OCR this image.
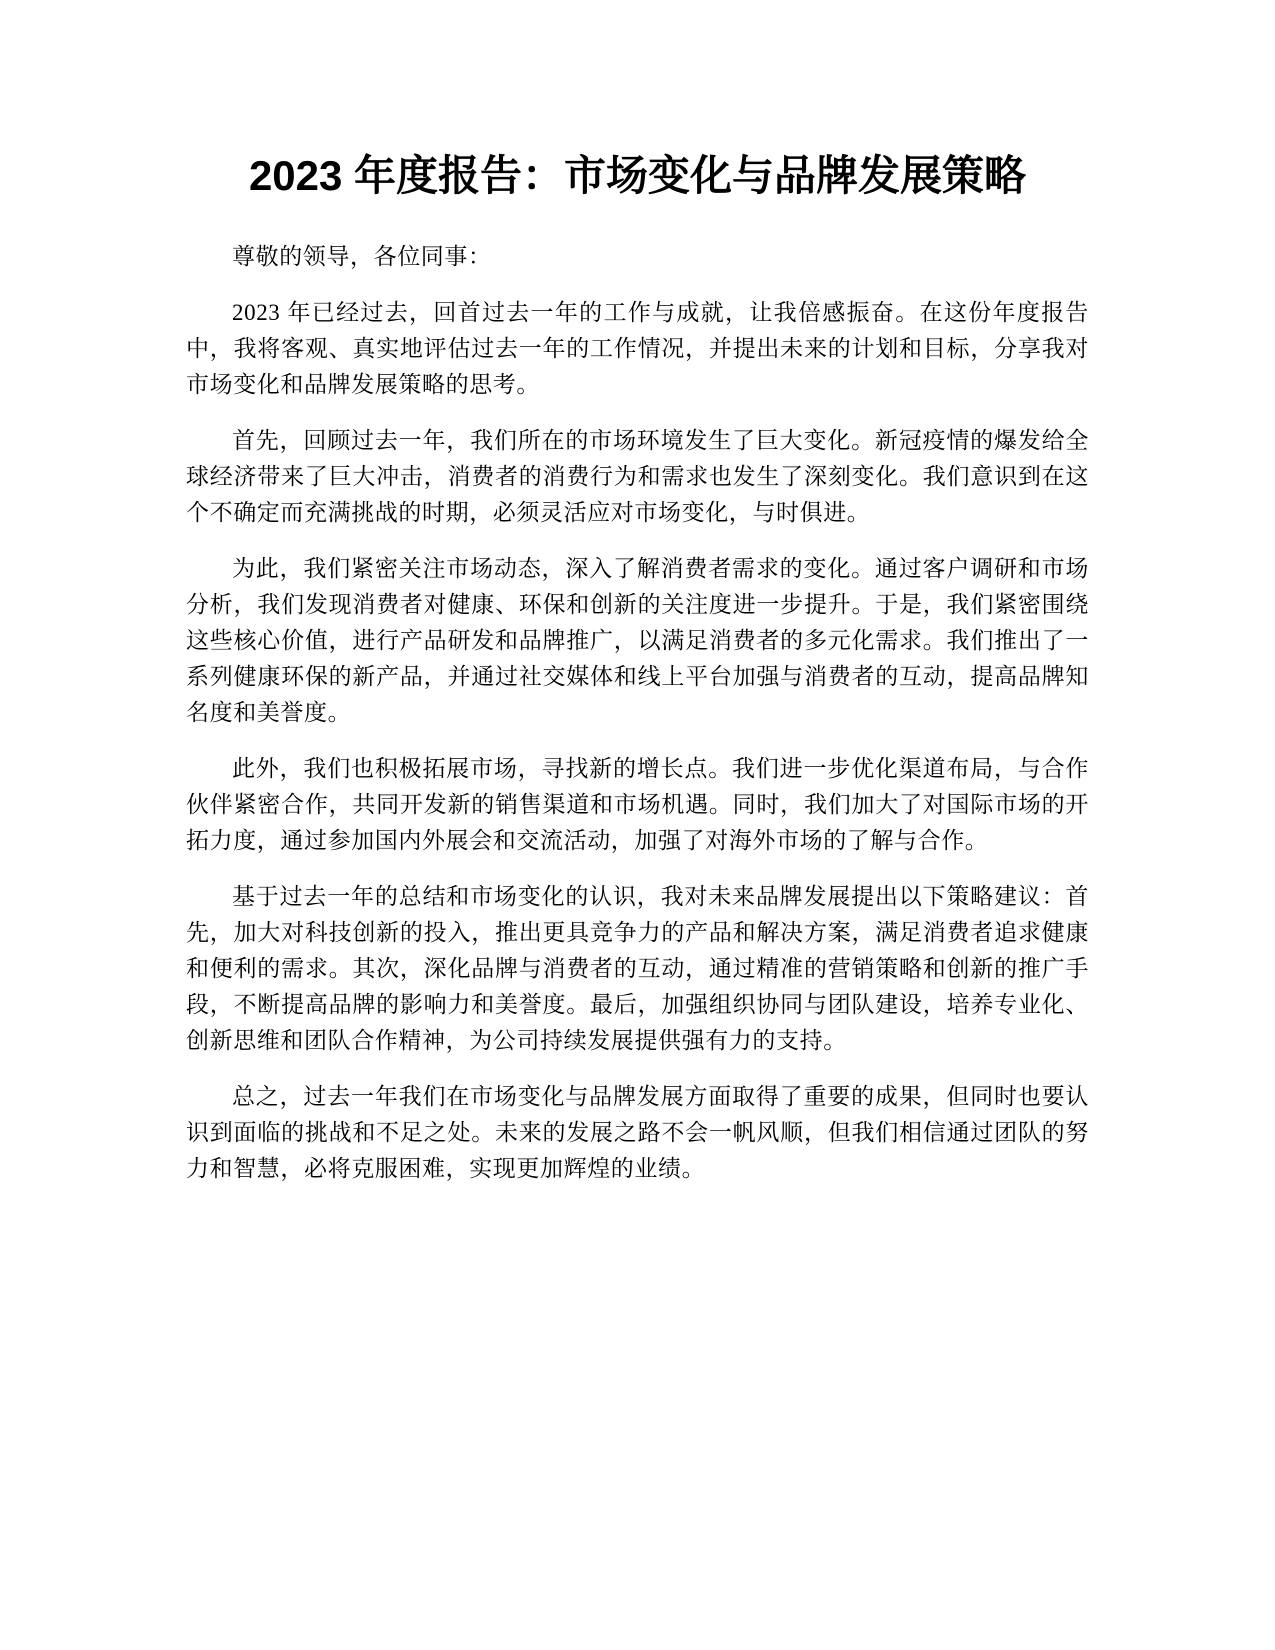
2023 年度报告：市场变化与品牌发展策略

尊敬的领导，各位同事：

2023 年已经过去，回首过去一年的工作与成就，让我倍感振奋。在这份年度报告中，我将客观、真实地评估过去一年的工作情况，并提出未来的计划和目标，分享我对市场变化和品牌发展策略的思考。

首先，回顾过去一年，我们所在的市场环境发生了巨大变化。新冠疫情的爆发给全球经济带来了巨大冲击，消费者的消费行为和需求也发生了深刻变化。我们意识到在这个不确定而充满挑战的时期，必须灵活应对市场变化，与时俱进。

为此，我们紧密关注市场动态，深入了解消费者需求的变化。通过客户调研和市场分析，我们发现消费者对健康、环保和创新的关注度进一步提升。于是，我们紧密围绕这些核心价值，进行产品研发和品牌推广，以满足消费者的多元化需求。我们推出了一系列健康环保的新产品，并通过社交媒体和线上平台加强与消费者的互动，提高品牌知名度和美誉度。

此外，我们也积极拓展市场，寻找新的增长点。我们进一步优化渠道布局，与合作伙伴紧密合作，共同开发新的销售渠道和市场机遇。同时，我们加大了对国际市场的开拓力度，通过参加国内外展会和交流活动，加强了对海外市场的了解与合作。

基于过去一年的总结和市场变化的认识，我对未来品牌发展提出以下策略建议：首先，加大对科技创新的投入，推出更具竞争力的产品和解决方案，满足消费者追求健康和便利的需求。其次，深化品牌与消费者的互动，通过精准的营销策略和创新的推广手段，不断提高品牌的影响力和美誉度。最后，加强组织协同与团队建设，培养专业化、创新思维和团队合作精神，为公司持续发展提供强有力的支持。

总之，过去一年我们在市场变化与品牌发展方面取得了重要的成果，但同时也要认识到面临的挑战和不足之处。未来的发展之路不会一帆风顺，但我们相信通过团队的努力和智慧，必将克服困难，实现更加辉煌的业绩。
